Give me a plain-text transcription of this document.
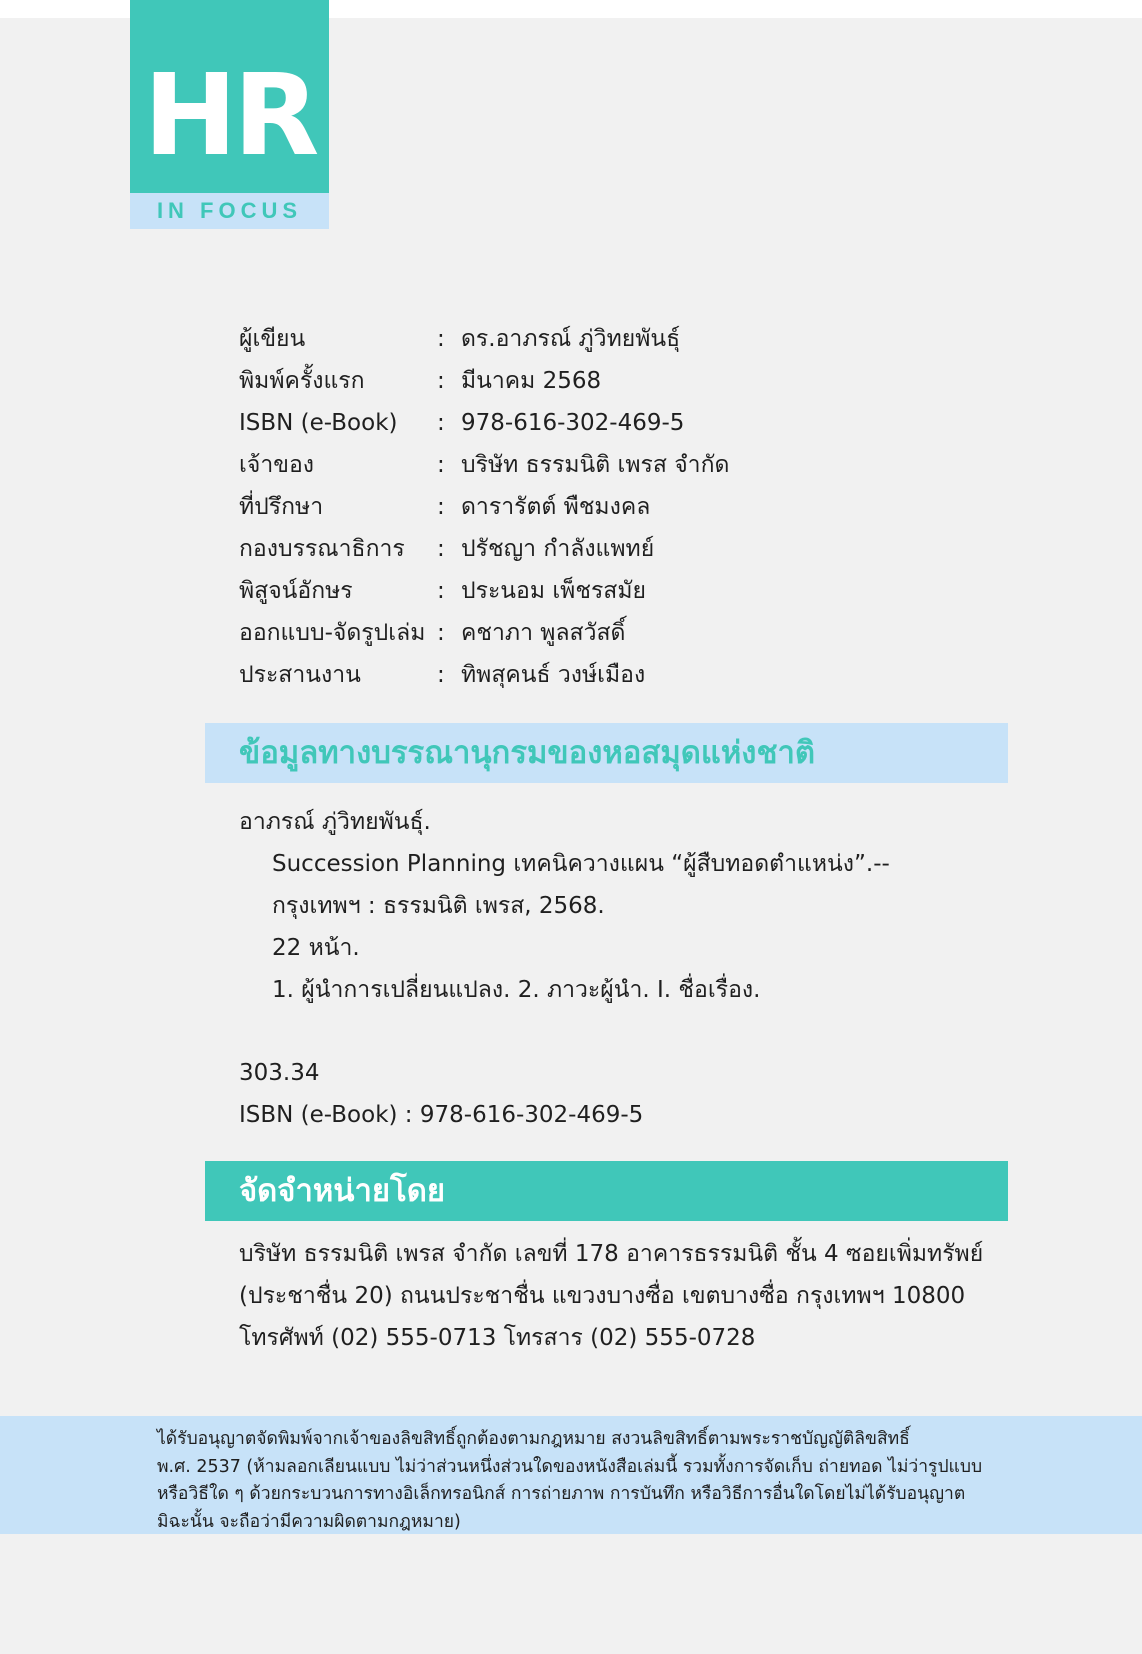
HR
IN FOCUS
ผู้เขียน	: ดร.อาภรณ์ ภู่วิทยพันธุ์
พิมพ์ครั้งแรก	: มีนาคม 2568
ISBN (e-Book) : 978-616-302-469-5
เจ้าของ	: บริษัท ธรรมนิติ เพรส จำกัด
ที่ปรึกษา	: ดารารัตต์ พืชมงคล
กองบรรณาธิการ : ปรัชญา กำลังแพทย์
พิสูจน์อักษร	: ประนอม เพ็ชรสมัย
ออกแบบ-จัดรูปเล่ม : คชาภา พูลสวัสดิ์
ประสานงาน	: ทิพสุคนธ์ วงษ์เมือง
ข้อมูลทางบรรณานุกรมของหอสมุดแห่งชาติ
อาภรณ์ ภู่วิทยพันธุ์.
Succession Planning เทคนิควางแผน “ผู้สืบทอดตำแหน่ง”.--
กรุงเทพฯ : ธรรมนิติ เพรส, 2568.
22 หน้า.
1. ผู้นำการเปลี่ยนแปลง. 2. ภาวะผู้นำ. I. ชื่อเรื่อง.
303.34
ISBN (e-Book) : 978-616-302-469-5
จัดจำหน่ายโดย
บริษัท ธรรมนิติ เพรส จำกัด เลขที่ 178 อาคารธรรมนิติ ชั้น 4 ซอยเพิ่มทรัพย์
(ประชาชื่น 20) ถนนประชาชื่น แขวงบางซื่อ เขตบางซื่อ กรุงเทพฯ 10800
โทรศัพท์ (02) 555-0713 โทรสาร (02) 555-0728
ได้รับอนุญาตจัดพิมพ์จากเจ้าของลิขสิทธิ์ถูกต้องตามกฎหมาย สงวนลิขสิทธิ์ตามพระราชบัญญัติลิขสิทธิ์
พ.ศ. 2537 (ห้ามลอกเลียนแบบ ไม่ว่าส่วนหนึ่งส่วนใดของหนังสือเล่มนี้ รวมทั้งการจัดเก็บ ถ่ายทอด ไม่ว่ารูปแบบ
หรือวิธีใด ๆ ด้วยกระบวนการทางอิเล็กทรอนิกส์ การถ่ายภาพ การบันทึก หรือวิธีการอื่นใดโดยไม่ได้รับอนุญาต
มิฉะนั้น จะถือว่ามีความผิดตามกฎหมาย)
